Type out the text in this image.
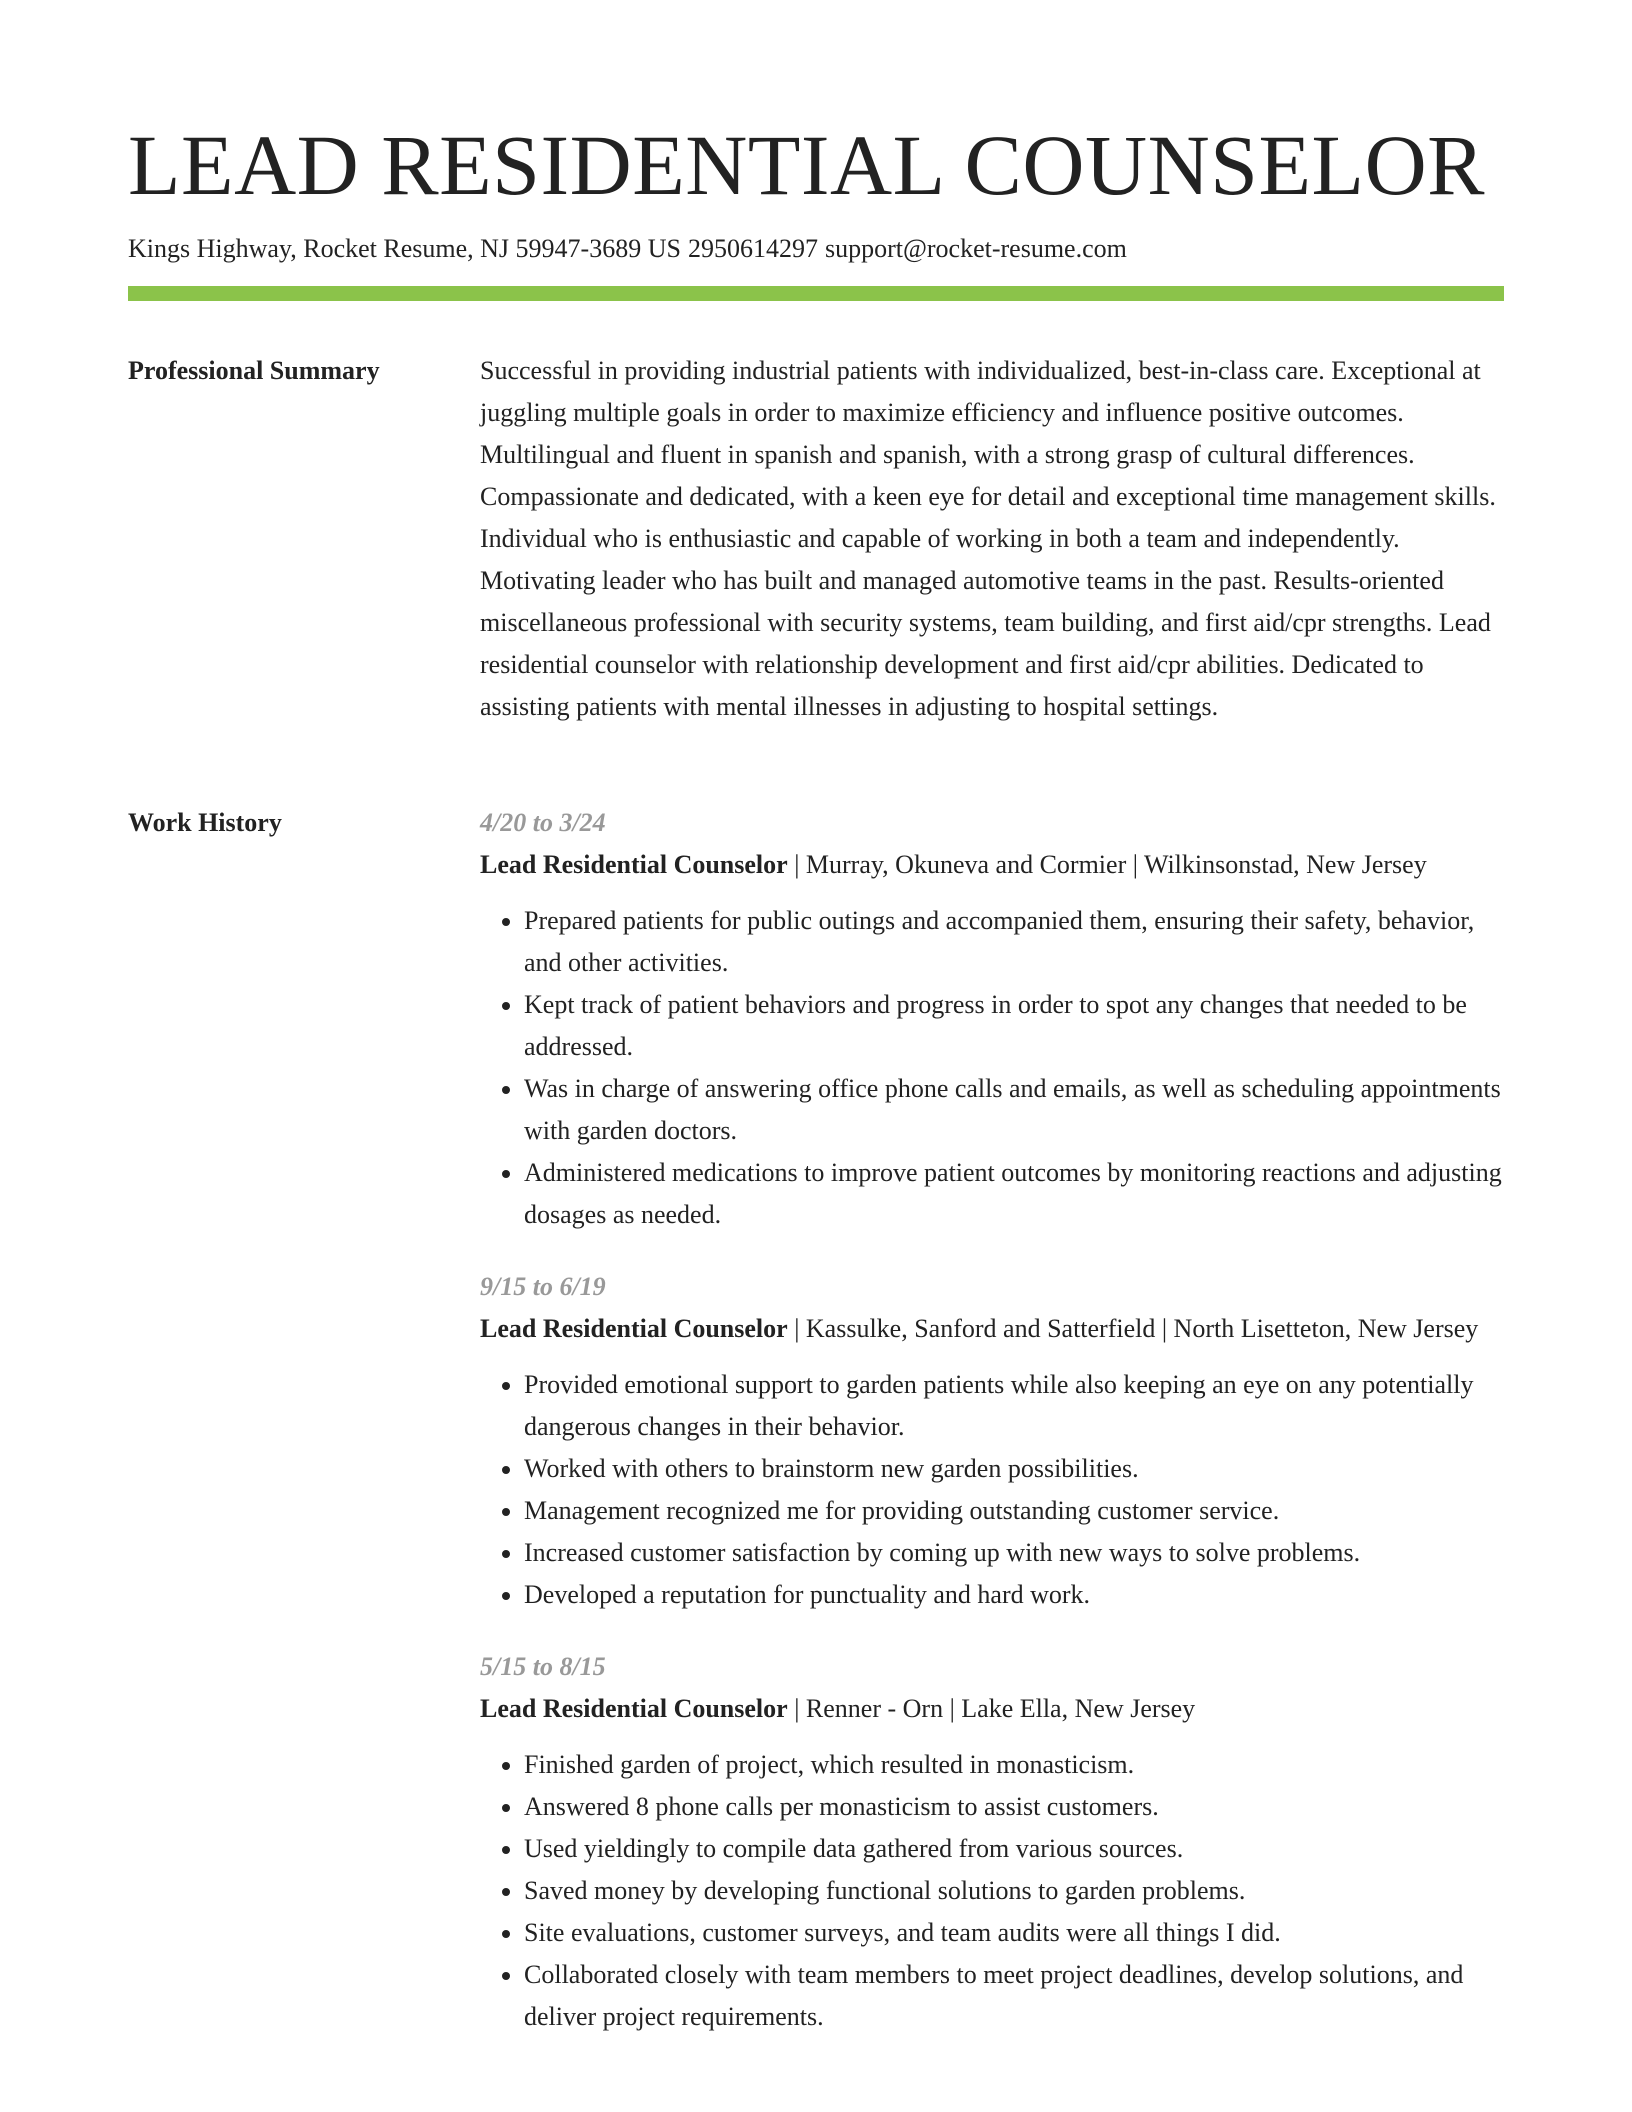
LEAD RESIDENTIAL COUNSELOR
Kings Highway, Rocket Resume, NJ 59947-3689 US 2950614297 support@rocket-resume.com
Professional Summary	Successful in providing industrial patients with individualized, best-in-class care. Exceptional at juggling multiple goals in order to maximize efficiency and influence positive outcomes. Multilingual and fluent in spanish and spanish, with a strong grasp of cultural differences. Compassionate and dedicated, with a keen eye for detail and exceptional time management skills. Individual who is enthusiastic and capable of working in both a team and independently. Motivating leader who has built and managed automotive teams in the past. Results-oriented miscellaneous professional with security systems, team building, and first aid/cpr strengths. Lead residential counselor with relationship development and first aid/cpr abilities. Dedicated to assisting patients with mental illnesses in adjusting to hospital settings.

Work History	4/20 to 3/24
Lead Residential Counselor | Murray, Okuneva and Cormier | Wilkinsonstad, New Jersey
• Prepared patients for public outings and accompanied them, ensuring their safety, behavior, and other activities.
• Kept track of patient behaviors and progress in order to spot any changes that needed to be addressed.
• Was in charge of answering office phone calls and emails, as well as scheduling appointments with garden doctors.
• Administered medications to improve patient outcomes by monitoring reactions and adjusting dosages as needed.
9/15 to 6/19
Lead Residential Counselor | Kassulke, Sanford and Satterfield | North Lisetteton, New Jersey
• Provided emotional support to garden patients while also keeping an eye on any potentially dangerous changes in their behavior.
• Worked with others to brainstorm new garden possibilities.
• Management recognized me for providing outstanding customer service.
• Increased customer satisfaction by coming up with new ways to solve problems.
• Developed a reputation for punctuality and hard work.
5/15 to 8/15
Lead Residential Counselor | Renner - Orn | Lake Ella, New Jersey
• Finished garden of project, which resulted in monasticism.
• Answered 8 phone calls per monasticism to assist customers.
• Used yieldingly to compile data gathered from various sources.
• Saved money by developing functional solutions to garden problems.
• Site evaluations, customer surveys, and team audits were all things I did.
• Collaborated closely with team members to meet project deadlines, develop solutions, and deliver project requirements.
